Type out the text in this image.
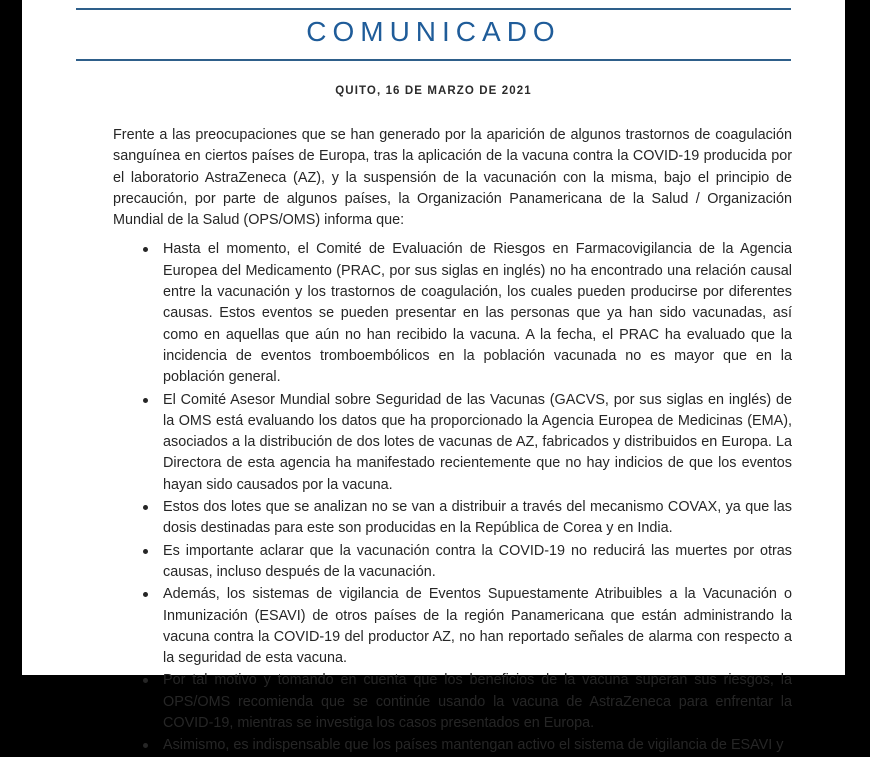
COMUNICADO
QUITO, 16 DE MARZO DE 2021

Frente a las preocupaciones que se han generado por la aparición de algunos trastornos de coagulación sanguínea en ciertos países de Europa, tras la aplicación de la vacuna contra la COVID-19 producida por el laboratorio AstraZeneca (AZ), y la suspensión de la vacunación con la misma, bajo el principio de precaución, por parte de algunos países, la Organización Panamericana de la Salud / Organización Mundial de la Salud (OPS/OMS) informa que:

Hasta el momento, el Comité de Evaluación de Riesgos en Farmacovigilancia de la Agencia Europea del Medicamento (PRAC, por sus siglas en inglés) no ha encontrado una relación causal entre la vacunación y los trastornos de coagulación, los cuales pueden producirse por diferentes causas. Estos eventos se pueden presentar en las personas que ya han sido vacunadas, así como en aquellas que aún no han recibido la vacuna. A la fecha, el PRAC ha evaluado que la incidencia de eventos tromboembólicos en la población vacunada no es mayor que en la población general.
El Comité Asesor Mundial sobre Seguridad de las Vacunas (GACVS, por sus siglas en inglés) de la OMS está evaluando los datos que ha proporcionado la Agencia Europea de Medicinas (EMA), asociados a la distribución de dos lotes de vacunas de AZ, fabricados y distribuidos en Europa. La Directora de esta agencia ha manifestado recientemente que no hay indicios de que los eventos hayan sido causados por la vacuna.
Estos dos lotes que se analizan no se van a distribuir a través del mecanismo COVAX, ya que las dosis destinadas para este son producidas en la República de Corea y en India.
Es importante aclarar que la vacunación contra la COVID-19 no reducirá las muertes por otras causas, incluso después de la vacunación.
Además, los sistemas de vigilancia de Eventos Supuestamente Atribuibles a la Vacunación o Inmunización (ESAVI) de otros países de la región Panamericana que están administrando la vacuna contra la COVID-19 del productor AZ, no han reportado señales de alarma con respecto a la seguridad de esta vacuna.
Por tal motivo y tomando en cuenta que los beneficios de la vacuna superan sus riesgos, la OPS/OMS recomienda que se continúe usando la vacuna de AstraZeneca para enfrentar la COVID-19, mientras se investiga los casos presentados en Europa.
Asimismo, es indispensable que los países mantengan activo el sistema de vigilancia de ESAVI y
